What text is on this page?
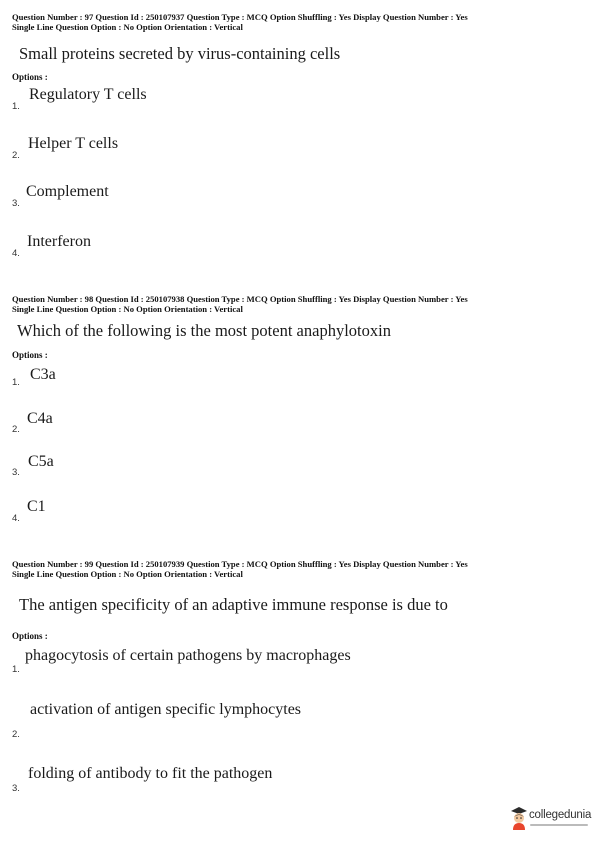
Question Number : 97 Question Id : 250107937 Question Type : MCQ Option Shuffling : Yes Display Question Number : Yes
Single Line Question Option : No Option Orientation : Vertical
Small proteins secreted by virus-containing cells
Options :
Regulatory T cells
1.
Helper T cells
2.
Complement
3.
Interferon
4.
Question Number : 98 Question Id : 250107938 Question Type : MCQ Option Shuffling : Yes Display Question Number : Yes
Single Line Question Option : No Option Orientation : Vertical
Which of the following is the most potent anaphylotoxin
Options :
C3a
1.
C4a
2.
C5a
3.
C1
4.
Question Number : 99 Question Id : 250107939 Question Type : MCQ Option Shuffling : Yes Display Question Number : Yes
Single Line Question Option : No Option Orientation : Vertical
The antigen specificity of an adaptive immune response is due to
Options :
phagocytosis of certain pathogens by macrophages
1.
activation of antigen specific lymphocytes
2.
folding of antibody to fit the pathogen
3.
collegedunia
